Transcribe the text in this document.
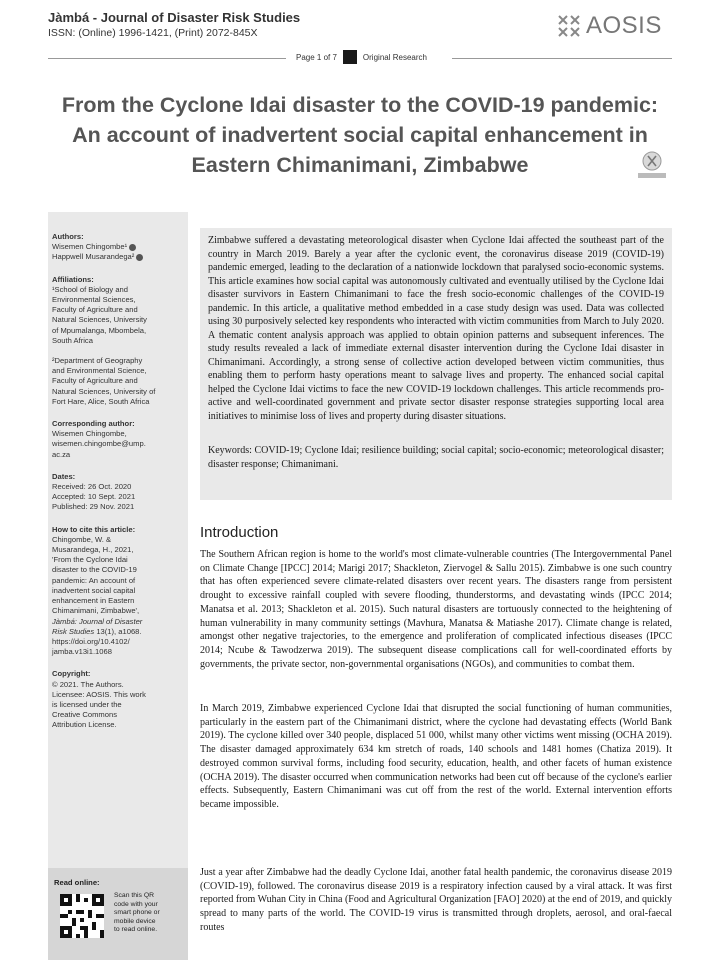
Jàmbá - Journal of Disaster Risk Studies
ISSN: (Online) 1996-1421, (Print) 2072-845X	AOSIS
Page 1 of 7	Original Research
From the Cyclone Idai disaster to the COVID-19 pandemic: An account of inadvertent social capital enhancement in Eastern Chimanimani, Zimbabwe
Authors:
Wisemen Chingombe¹
Happwell Musarandega²
Affiliations:
¹School of Biology and
Environmental Sciences,
Faculty of Agriculture and
Natural Sciences, University
of Mpumalanga, Mbombela,
South Africa
²Department of Geography
and Environmental Science,
Faculty of Agriculture and
Natural Sciences, University of
Fort Hare, Alice, South Africa
Corresponding author:
Wisemen Chingombe,
wisemen.chingombe@ump.
ac.za
Dates:
Received: 26 Oct. 2020
Accepted: 10 Sept. 2021
Published: 29 Nov. 2021
How to cite this article:
Chingombe, W. &
Musarandega, H., 2021,
'From the Cyclone Idai
disaster to the COVID-19
pandemic: An account of
inadvertent social capital
enhancement in Eastern
Chimanimani, Zimbabwe',
Jàmbá: Journal of Disaster
Risk Studies 13(1), a1068.
https://doi.org/10.4102/
jamba.v13i1.1068
Copyright:
© 2021. The Authors.
Licensee: AOSIS. This work
is licensed under the
Creative Commons
Attribution License.
Read online:
Scan this QR
code with your
smart phone or
mobile device
to read online.
Zimbabwe suffered a devastating meteorological disaster when Cyclone Idai affected the southeast part of the country in March 2019. Barely a year after the cyclonic event, the coronavirus disease 2019 (COVID-19) pandemic emerged, leading to the declaration of a nationwide lockdown that paralysed socio-economic systems. This article examines how social capital was autonomously cultivated and eventually utilised by the Cyclone Idai disaster survivors in Eastern Chimanimani to face the fresh socio-economic challenges of the COVID-19 pandemic. In this article, a qualitative method embedded in a case study design was used. Data was collected using 30 purposively selected key respondents who interacted with victim communities from March to July 2020. A thematic content analysis approach was applied to obtain opinion patterns and subsequent inferences. The study results revealed a lack of immediate external disaster intervention during the Cyclone Idai disaster in Chimanimani. Accordingly, a strong sense of collective action developed between victim communities, thus enabling them to perform hasty operations meant to salvage lives and property. The enhanced social capital helped the Cyclone Idai victims to face the new COVID-19 lockdown challenges. This article recommends pro-active and well-coordinated government and private sector disaster response strategies supporting local area initiatives to minimise loss of lives and property during disaster situations.
Keywords: COVID-19; Cyclone Idai; resilience building; social capital; socio-economic; meteorological disaster; disaster response; Chimanimani.
Introduction
The Southern African region is home to the world's most climate-vulnerable countries (The Intergovernmental Panel on Climate Change [IPCC] 2014; Marigi 2017; Shackleton, Ziervogel & Sallu 2015). Zimbabwe is one such country that has often experienced severe climate-related disasters over recent years. The disasters range from persistent drought to excessive rainfall coupled with severe flooding, thunderstorms, and devastating winds (IPCC 2014; Manatsa et al. 2013; Shackleton et al. 2015). Such natural disasters are tortuously connected to the heightening of human vulnerability in many community settings (Mavhura, Manatsa & Matiashe 2017). Climate change is related, amongst other negative trajectories, to the emergence and proliferation of complicated infectious diseases (IPCC 2014; Ncube & Tawodzerwa 2019). The subsequent disease complications call for well-coordinated efforts by governments, the private sector, non-governmental organisations (NGOs), and communities to combat them.
In March 2019, Zimbabwe experienced Cyclone Idai that disrupted the social functioning of human communities, particularly in the eastern part of the Chimanimani district, where the cyclone had devastating effects (World Bank 2019). The cyclone killed over 340 people, displaced 51 000, whilst many other victims went missing (OCHA 2019). The disaster damaged approximately 634 km stretch of roads, 140 schools and 1481 homes (Chatiza 2019). It destroyed common survival forms, including food security, education, health, and other facets of human existence (OCHA 2019). The disaster occurred when communication networks had been cut off because of the cyclone's earlier effects. Subsequently, Eastern Chimanimani was cut off from the rest of the world. External intervention efforts became impossible.
Just a year after Zimbabwe had the deadly Cyclone Idai, another fatal health pandemic, the coronavirus disease 2019 (COVID-19), followed. The coronavirus disease 2019 is a respiratory infection caused by a viral attack. It was first reported from Wuhan City in China (Food and Agricultural Organization [FAO] 2020) at the end of 2019, and quickly spread to many parts of the world. The COVID-19 virus is transmitted through droplets, aerosol, and oral-faecal routes
